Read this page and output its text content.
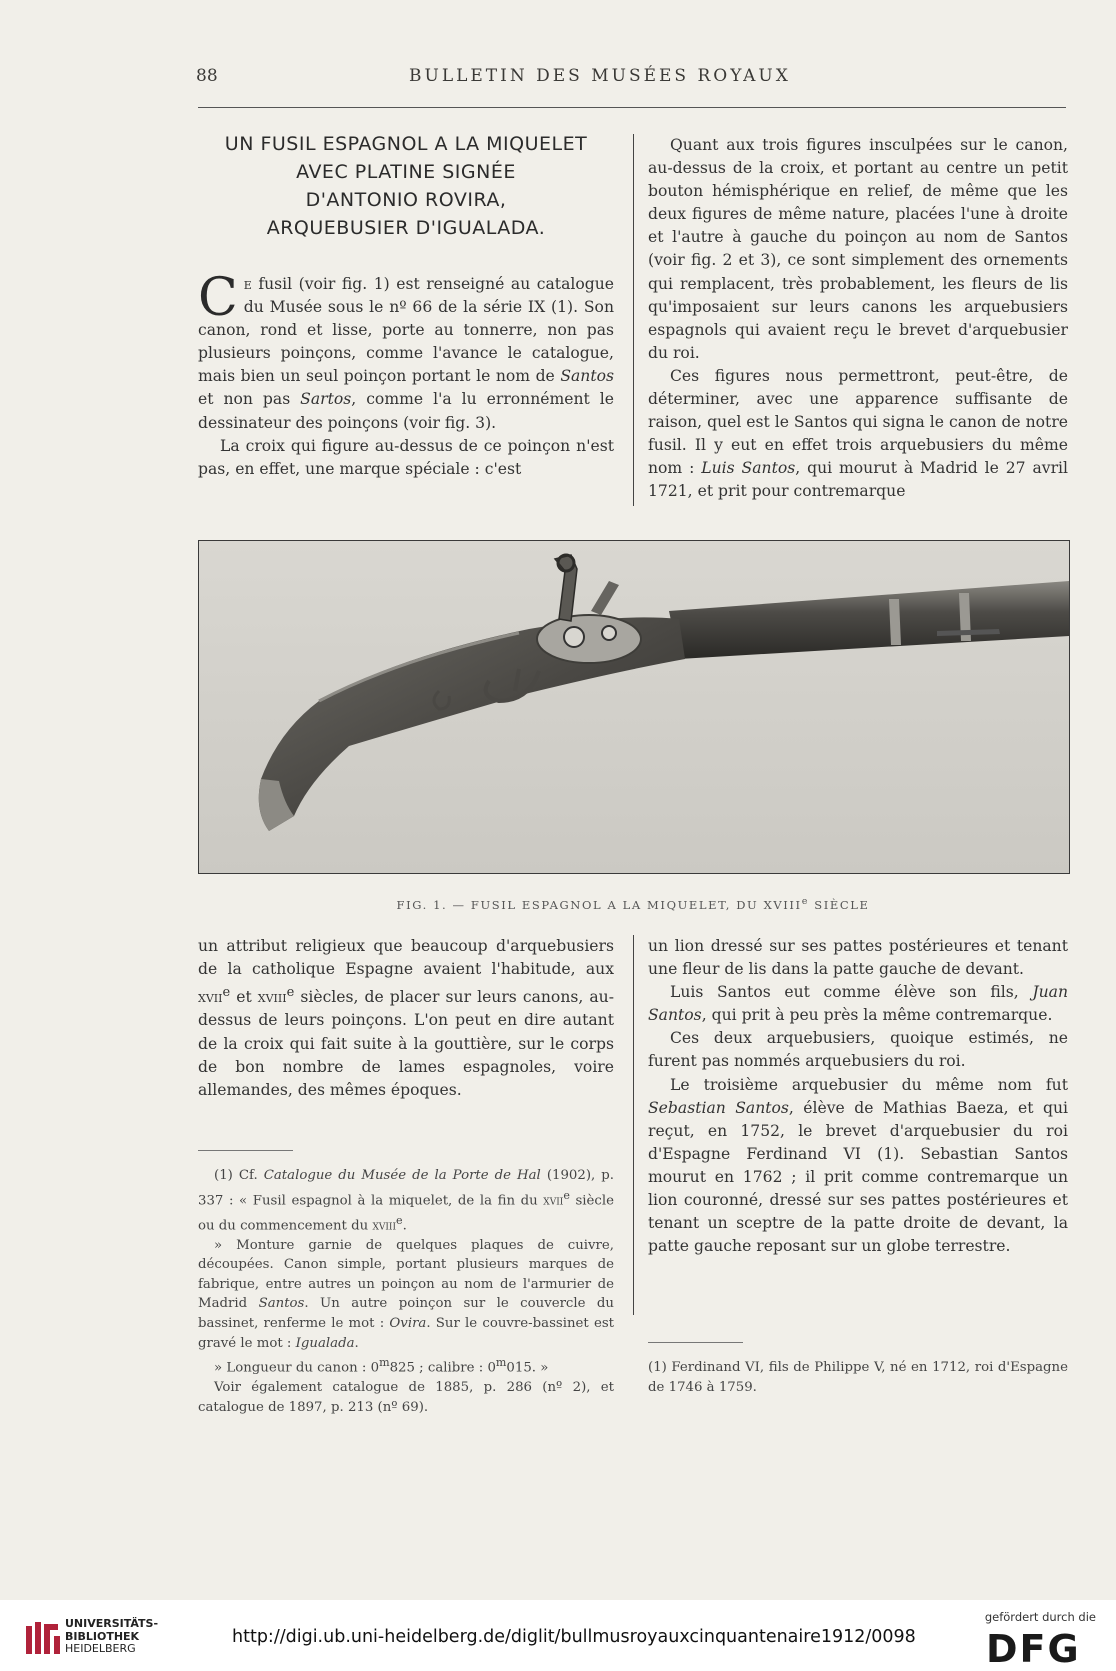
88	BULLETIN DES MUSÉES ROYAUX
UN FUSIL ESPAGNOL A LA MIQUELET
AVEC PLATINE SIGNÉE
D'ANTONIO ROVIRA,
ARQUEBUSIER D'IGUALADA.

Ce fusil (voir fig. 1) est renseigné au catalogue du Musée sous le nº 66 de la série IX (1). Son canon, rond et lisse, porte au tonnerre, non pas plusieurs poinçons, comme l'avance le catalogue, mais bien un seul poinçon portant le nom de Santos et non pas Sartos, comme l'a lu erronnément le dessinateur des poinçons (voir fig. 3).

La croix qui figure au-dessus de ce poinçon n'est pas, en effet, une marque spéciale : c'est

Quant aux trois figures insculpées sur le canon, au-dessus de la croix, et portant au centre un petit bouton hémisphérique en relief, de même que les deux figures de même nature, placées l'une à droite et l'autre à gauche du poinçon au nom de Santos (voir fig. 2 et 3), ce sont simplement des ornements qui remplacent, très probablement, les fleurs de lis qu'imposaient sur leurs canons les arquebusiers espagnols qui avaient reçu le brevet d'arquebusier du roi.

Ces figures nous permettront, peut-être, de déterminer, avec une apparence suffisante de raison, quel est le Santos qui signa le canon de notre fusil. Il y eut en effet trois arquebusiers du même nom : Luis Santos, qui mourut à Madrid le 27 avril 1721, et prit pour contremarque

FIG. 1. — FUSIL ESPAGNOL A LA MIQUELET, DU XVIIIe SIÈCLE

un attribut religieux que beaucoup d'arquebusiers de la catholique Espagne avaient l'habitude, aux xvii$^e$ et xviii$^e$ siècles, de placer sur leurs canons, au-dessus de leurs poinçons. L'on peut en dire autant de la croix qui fait suite à la gouttière, sur le corps de bon nombre de lames espagnoles, voire allemandes, des mêmes époques.

(1) Cf. Catalogue du Musée de la Porte de Hal (1902), p. 337 : « Fusil espagnol à la miquelet, de la fin du xvii$^e$ siècle ou du commencement du xviii$^e$.

» Monture garnie de quelques plaques de cuivre, découpées. Canon simple, portant plusieurs marques de fabrique, entre autres un poinçon au nom de l'armurier de Madrid Santos. Un autre poinçon sur le couvercle du bassinet, renferme le mot : Ovira. Sur le couvre-bassinet est gravé le mot : Igualada.

» Longueur du canon : 0$^m$825 ; calibre : 0$^m$015. »

Voir également catalogue de 1885, p. 286 (nº 2), et catalogue de 1897, p. 213 (nº 69).

un lion dressé sur ses pattes postérieures et tenant une fleur de lis dans la patte gauche de devant.

Luis Santos eut comme élève son fils, Juan Santos, qui prit à peu près la même contremarque.

Ces deux arquebusiers, quoique estimés, ne furent pas nommés arquebusiers du roi.

Le troisième arquebusier du même nom fut Sebastian Santos, élève de Mathias Baeza, et qui reçut, en 1752, le brevet d'arquebusier du roi d'Espagne Ferdinand VI (1). Sebastian Santos mourut en 1762 ; il prit comme contremarque un lion couronné, dressé sur ses pattes postérieures et tenant un sceptre de la patte droite de devant, la patte gauche reposant sur un globe terrestre.

(1) Ferdinand VI, fils de Philippe V, né en 1712, roi d'Espagne de 1746 à 1759.

UNIVERSITÄTS-
BIBLIOTHEK
HEIDELBERG
http://digi.ub.uni-heidelberg.de/diglit/bullmusroyauxcinquantenaire1912/0098
gefördert durch die
DFG
